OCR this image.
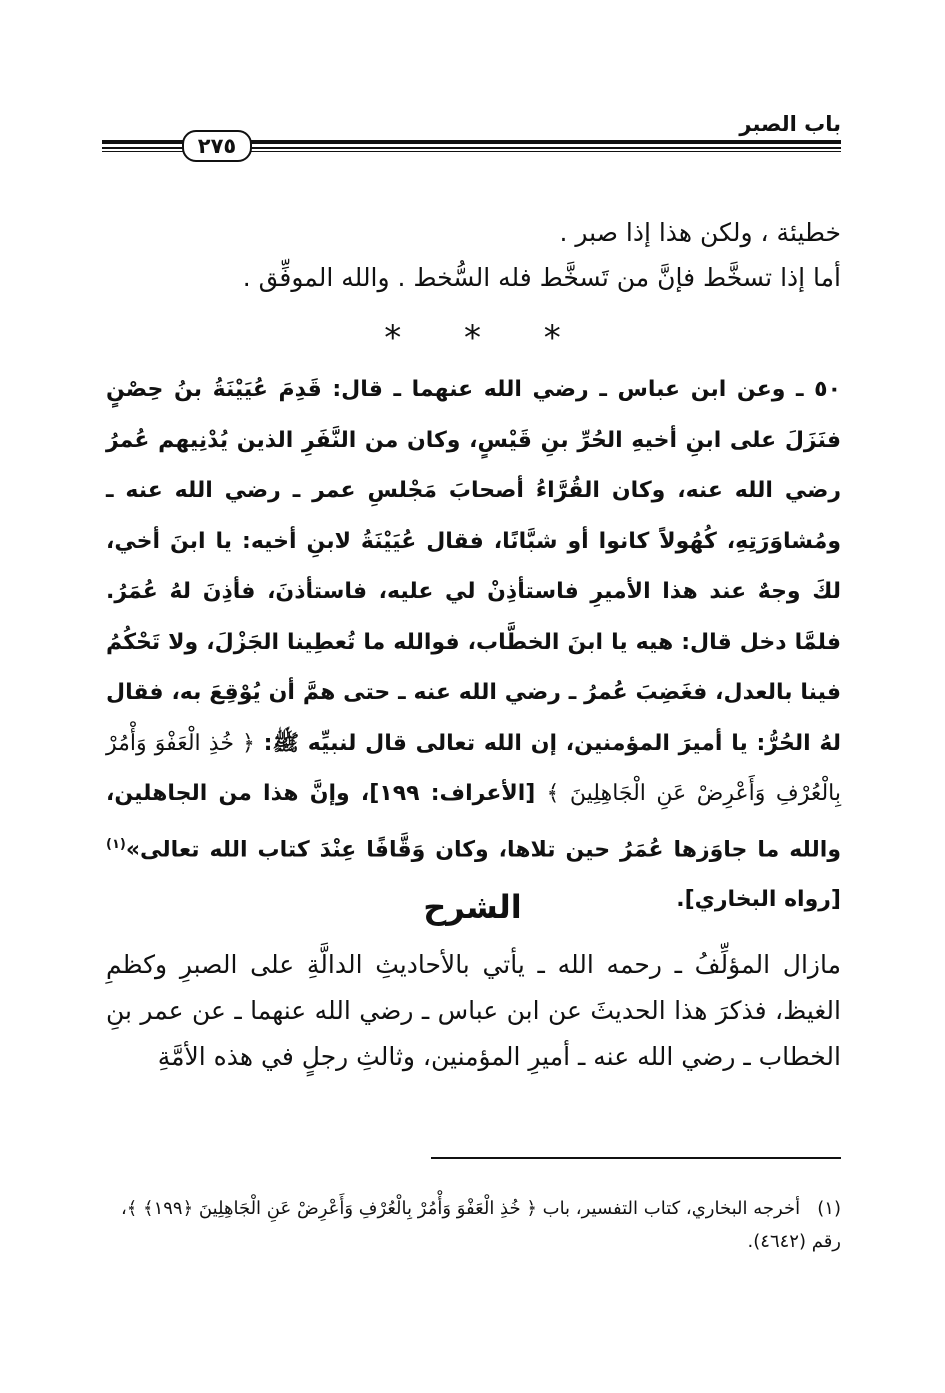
باب الصبر
٢٧٥
خطيئة ، ولكن هذا إذا صبر .
أما إذا تسخَّط فإنَّ من تَسخَّط فله السُّخط . والله الموفِّق .
* * *
٥٠ ـ وعن ابن عباس ـ رضي الله عنهما ـ قال: قَدِمَ عُيَيْنَةُ بنُ حِصْنٍ فنَزَلَ على ابنِ أخيهِ الحُرِّ بنِ قَيْسٍ، وكان من النَّفَرِ الذين يُدْنِيهم عُمرُ رضي الله عنه، وكان القُرَّاءُ أصحابَ مَجْلسِ عمر ـ رضي الله عنه ـ ومُشاوَرَتِهِ، كُهُولاً كانوا أو شبَّانًا، فقال عُيَيْنَةُ لابنِ أخيه: يا ابنَ أخي، لكَ وجهٌ عند هذا الأميرِ فاستأذِنْ لي عليه، فاستأذنَ، فأذِنَ لهُ عُمَرُ. فلمَّا دخل قال: هيه يا ابنَ الخطَّاب، فوالله ما تُعطِينا الجَزْلَ، ولا تَحْكُمُ فينا بالعدل، فغَضِبَ عُمرُ ـ رضي الله عنه ـ حتى همَّ أن يُوْقِعَ به، فقال لهُ الحُرُّ: يا أميرَ المؤمنين، إن الله تعالى قال لنبيِّه ﷺ: ﴿ خُذِ الْعَفْوَ وَأْمُرْ بِالْعُرْفِ وَأَعْرِضْ عَنِ الْجَاهِلِينَ ﴾ [الأعراف: ١٩٩]، وإنَّ هذا من الجاهلين، والله ما جاوَزها عُمَرُ حين تلاها، وكان وَقَّافًا عِنْدَ كتاب الله تعالى»$^{(١)}$ [رواه البخاري].
الشرح
مازال المؤلِّفُ ـ رحمه الله ـ يأتي بالأحاديثِ الدالَّةِ على الصبرِ وكظمِ الغيظ، فذكرَ هذا الحديثَ عن ابن عباس ـ رضي الله عنهما ـ عن عمر بنِ الخطاب ـ رضي الله عنه ـ أميرِ المؤمنين، وثالثِ رجلٍ في هذه الأمَّةِ
(١)   أخرجه البخاري، كتاب التفسير، باب ﴿ خُذِ الْعَفْوَ وَأْمُرْ بِالْعُرْفِ وَأَعْرِضْ عَنِ الْجَاهِلِينَ ﴿١٩٩﴾ ﴾، رقم (٤٦٤٢).
